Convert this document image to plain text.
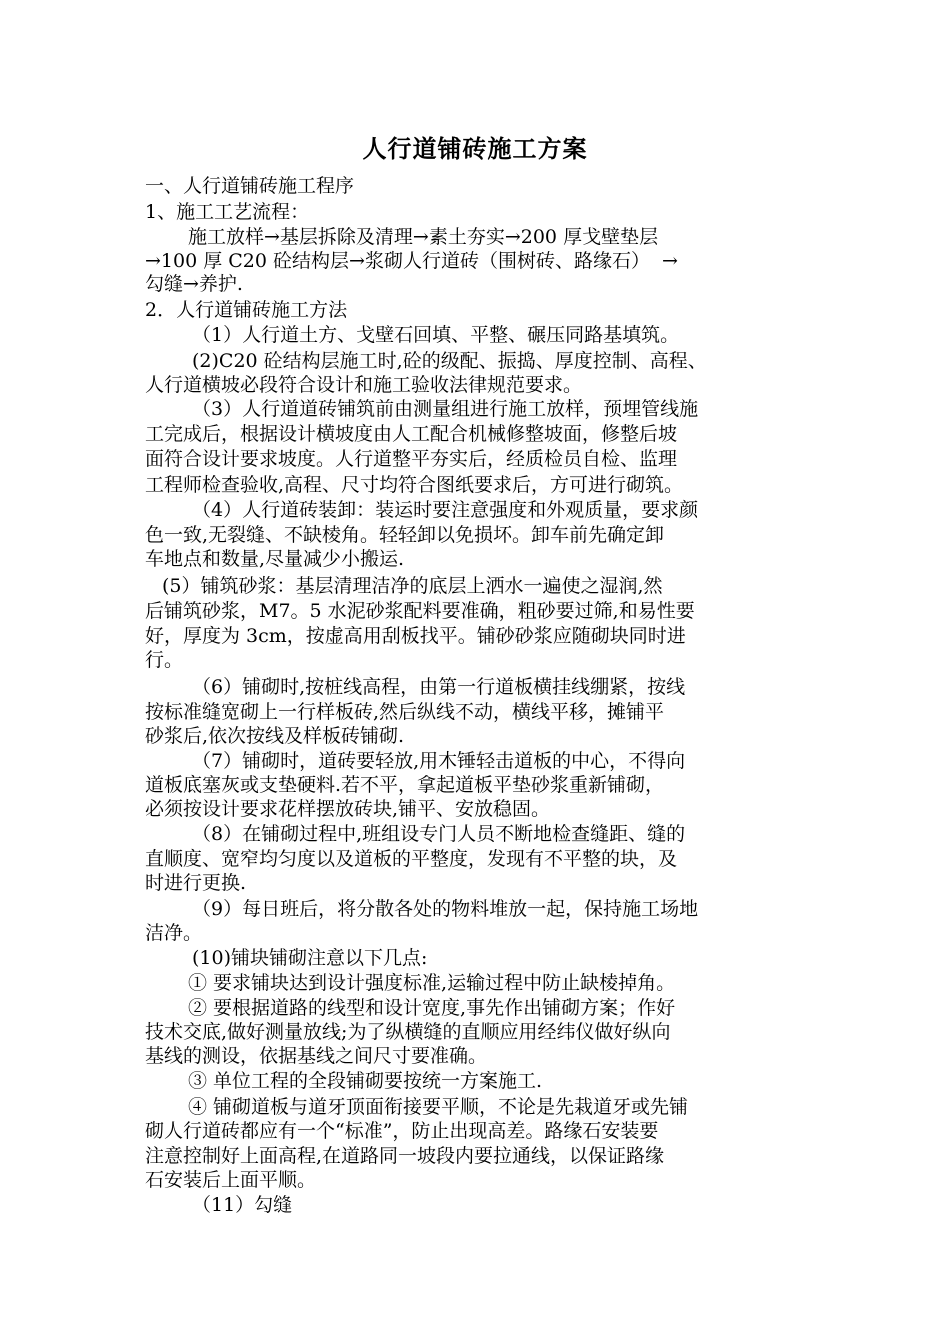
人行道铺砖施工方案
一、人行道铺砖施工程序
1、施工工艺流程：
施工放样→基层拆除及清理→素土夯实→200 厚戈壁垫层
→100 厚 C20 砼结构层→浆砌人行道砖（围树砖、路缘石）  →
勾缝→养护.
2．人行道铺砖施工方法
（1）人行道土方、戈壁石回填、平整、碾压同路基填筑。
(2)C20 砼结构层施工时,砼的级配、振捣、厚度控制、高程、
人行道横坡必段符合设计和施工验收法律规范要求。
（3）人行道道砖铺筑前由测量组进行施工放样，预埋管线施
工完成后，根据设计横坡度由人工配合机械修整坡面，修整后坡
面符合设计要求坡度。人行道整平夯实后，经质检员自检、监理
工程师检查验收,高程、尺寸均符合图纸要求后，方可进行砌筑。
（4）人行道砖装卸：装运时要注意强度和外观质量，要求颜
色一致,无裂缝、不缺棱角。轻轻卸以免损坏。卸车前先确定卸
车地点和数量,尽量减少小搬运.
(5）铺筑砂浆：基层清理洁净的底层上洒水一遍使之湿润,然
后铺筑砂浆，M7。5 水泥砂浆配料要准确，粗砂要过筛,和易性要
好，厚度为 3cm，按虚高用刮板找平。铺砂砂浆应随砌块同时进
行。
（6）铺砌时,按桩线高程，由第一行道板横挂线绷紧，按线
按标准缝宽砌上一行样板砖,然后纵线不动，横线平移，摊铺平
砂浆后,依次按线及样板砖铺砌.
（7）铺砌时，道砖要轻放,用木锤轻击道板的中心，不得向
道板底塞灰或支垫硬料.若不平，拿起道板平垫砂浆重新铺砌，
必须按设计要求花样摆放砖块,铺平、安放稳固。
（8）在铺砌过程中,班组设专门人员不断地检查缝距、缝的
直顺度、宽窄均匀度以及道板的平整度，发现有不平整的块，及
时进行更换.
（9）每日班后，将分散各处的物料堆放一起，保持施工场地
洁净。
(10)铺块铺砌注意以下几点:
① 要求铺块达到设计强度标准,运输过程中防止缺棱掉角。
② 要根据道路的线型和设计宽度,事先作出铺砌方案；作好
技术交底,做好测量放线;为了纵横缝的直顺应用经纬仪做好纵向
基线的测设，依据基线之间尺寸要准确。
③ 单位工程的全段铺砌要按统一方案施工.
④ 铺砌道板与道牙顶面衔接要平顺，不论是先栽道牙或先铺
砌人行道砖都应有一个“标准”，防止出现高差。路缘石安装要
注意控制好上面高程,在道路同一坡段内要拉通线，以保证路缘
石安装后上面平顺。
（11）勾缝
